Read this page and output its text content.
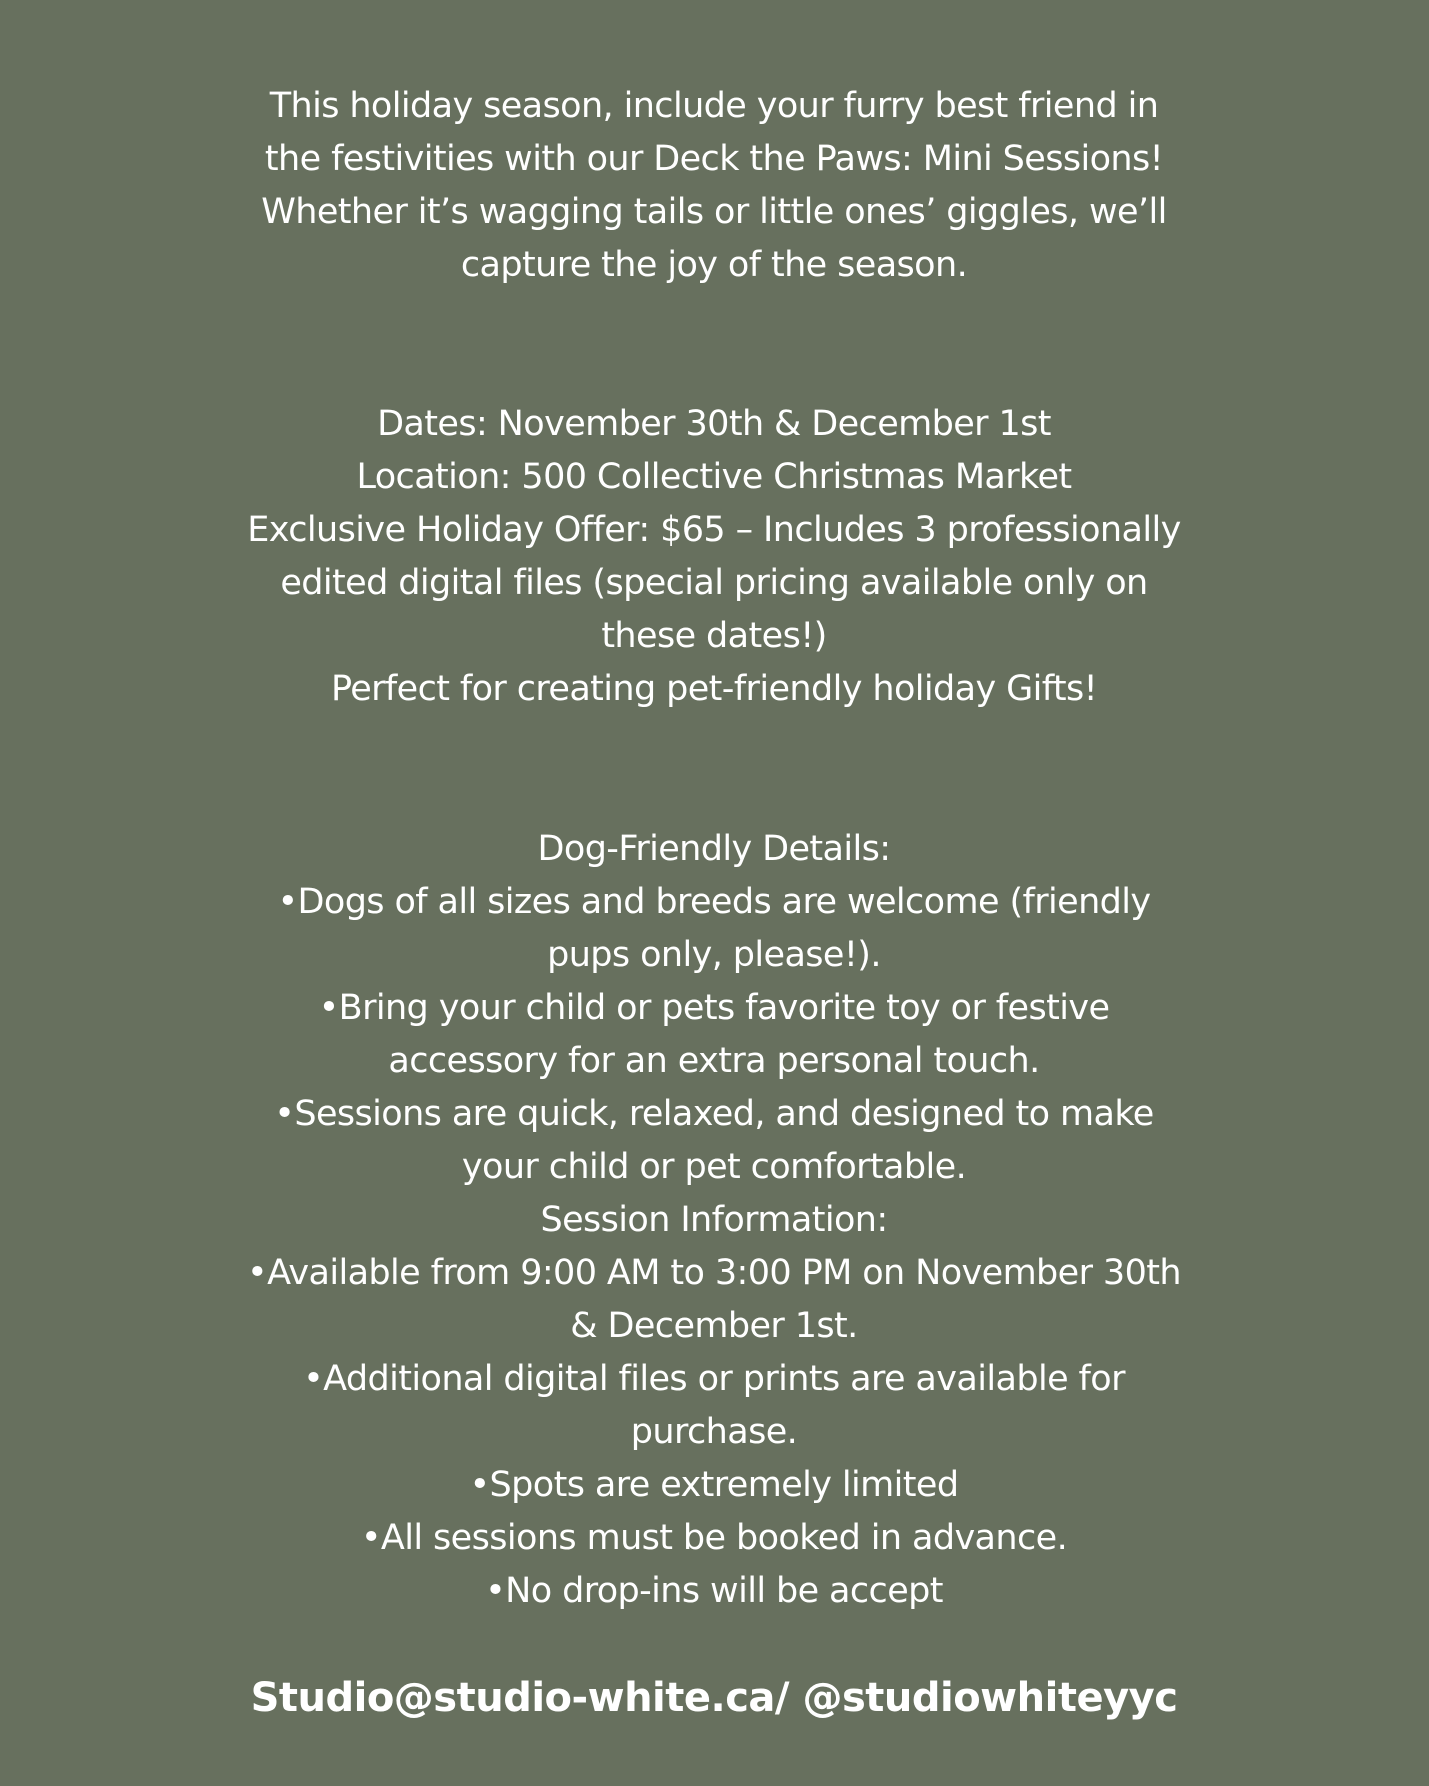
This holiday season, include your furry best friend in
the festivities with our Deck the Paws: Mini Sessions!
Whether it’s wagging tails or little ones’ giggles, we’ll
capture the joy of the season.
Dates: November 30th & December 1st
Location: 500 Collective Christmas Market
Exclusive Holiday Offer: $65 – Includes 3 professionally
edited digital files (special pricing available only on
these dates!)
Perfect for creating pet-friendly holiday Gifts!
Dog-Friendly Details:
•Dogs of all sizes and breeds are welcome (friendly
pups only, please!).
•Bring your child or pets favorite toy or festive
accessory for an extra personal touch.
•Sessions are quick, relaxed, and designed to make
your child or pet comfortable.
Session Information:
•Available from 9:00 AM to 3:00 PM on November 30th
& December 1st.
•Additional digital files or prints are available for
purchase.
•Spots are extremely limited
•All sessions must be booked in advance.
•No drop-ins will be accept
Studio@studio-white.ca/ @studiowhiteyyc
